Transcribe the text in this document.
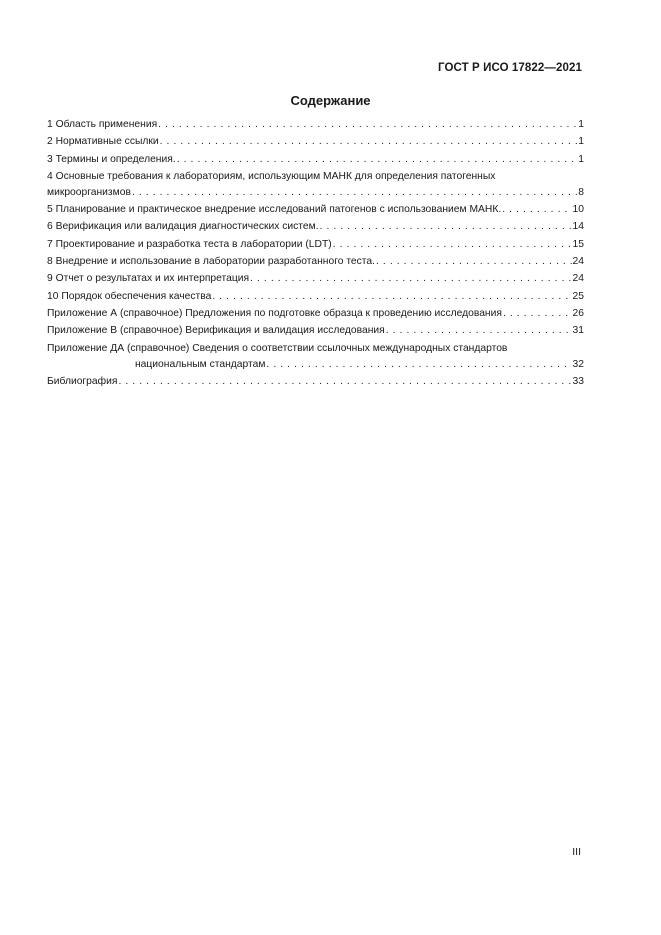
ГОСТ Р ИСО 17822—2021
Содержание
1 Область применения . . .	1
2 Нормативные ссылки . . .	1
3 Термины и определения. . . .	1
4 Основные требования к лабораториям, использующим МАНК для определения патогенных
микроорганизмов . . .	8
5 Планирование и практическое внедрение исследований патогенов с использованием МАНК. . . .	10
6 Верификация или валидация диагностических систем. . . .	14
7 Проектирование и разработка теста в лаборатории (LDT) . . .	15
8 Внедрение и использование в лаборатории разработанного теста. . . .	24
9 Отчет о результатах и их интерпретация . . .	24
10 Порядок обеспечения качества . . .	25
Приложение А (справочное) Предложения по подготовке образца к проведению исследования . . .	26
Приложение В (справочное) Верификация и валидация исследования . . .	31
Приложение ДА (справочное) Сведения о соответствии ссылочных международных стандартов
национальным стандартам . . .	32
Библиография . . .	33
III
